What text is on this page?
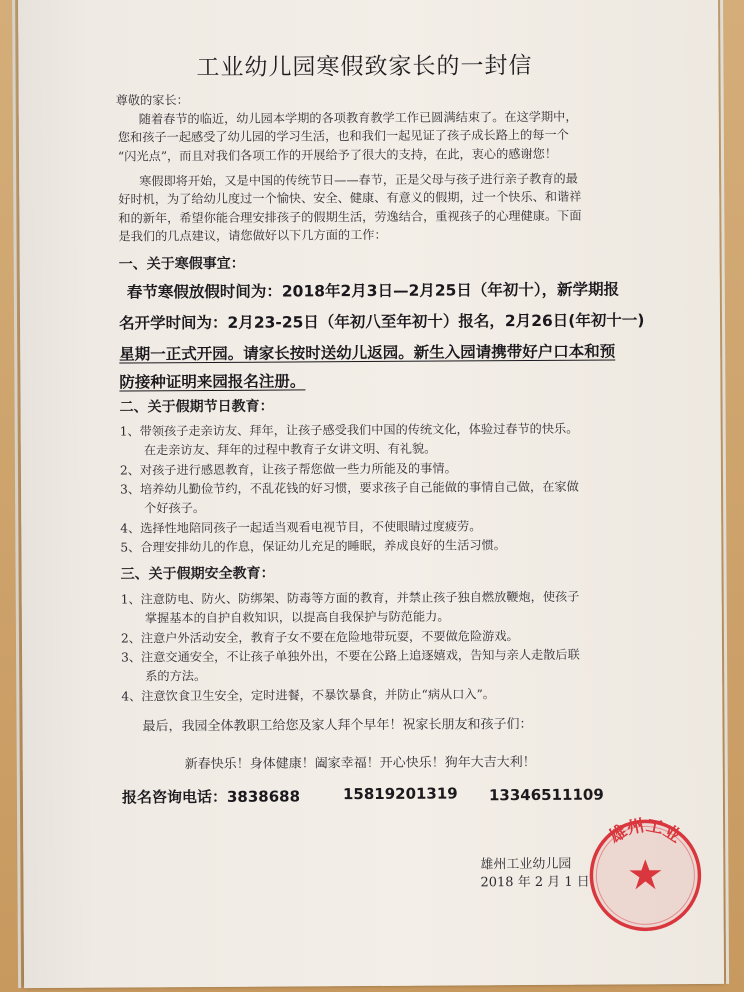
工业幼儿园寒假致家长的一封信
尊敬的家长：
随着春节的临近，幼儿园本学期的各项教育教学工作已圆满结束了。在这学期中，
您和孩子一起感受了幼儿园的学习生活，也和我们一起见证了孩子成长路上的每一个
“闪光点”，而且对我们各项工作的开展给予了很大的支持，在此，衷心的感谢您！
寒假即将开始，又是中国的传统节日——春节，正是父母与孩子进行亲子教育的最
好时机，为了给幼儿度过一个愉快、安全、健康、有意义的假期，过一个快乐、和谐祥
和的新年，希望你能合理安排孩子的假期生活，劳逸结合，重视孩子的心理健康。下面
是我们的几点建议，请您做好以下几方面的工作：
一、关于寒假事宜：
春节寒假放假时间为：2018年2月3日—2月25日（年初十），新学期报
名开学时间为：2月23-25日（年初八至年初十）报名，2月26日(年初十一)
星期一正式开园。请家长按时送幼儿返园。新生入园请携带好户口本和预
防接种证明来园报名注册。
二、关于假期节日教育：
1、带领孩子走亲访友、拜年，让孩子感受我们中国的传统文化，体验过春节的快乐。
在走亲访友、拜年的过程中教育子女讲文明、有礼貌。
2、对孩子进行感恩教育，让孩子帮您做一些力所能及的事情。
3、培养幼儿勤俭节约，不乱花钱的好习惯，要求孩子自己能做的事情自己做，在家做
个好孩子。
4、选择性地陪同孩子一起适当观看电视节目，不使眼睛过度疲劳。
5、合理安排幼儿的作息，保证幼儿充足的睡眠，养成良好的生活习惯。
三、关于假期安全教育：
1、注意防电、防火、防绑架、防毒等方面的教育，并禁止孩子独自燃放鞭炮，使孩子
掌握基本的自护自救知识，以提高自我保护与防范能力。
2、注意户外活动安全，教育子女不要在危险地带玩耍，不要做危险游戏。
3、注意交通安全，不让孩子单独外出，不要在公路上追逐嬉戏，告知与亲人走散后联
系的方法。
4、注意饮食卫生安全，定时进餐，不暴饮暴食，并防止“病从口入”。
最后，我园全体教职工给您及家人拜个早年！祝家长朋友和孩子们：
新春快乐！身体健康！阖家幸福！开心快乐！狗年大吉大利！
报名咨询电话：3838688	15819201319 13346511109
雄州工业
雄州工业幼儿园
2018 年 2 月 1 日
